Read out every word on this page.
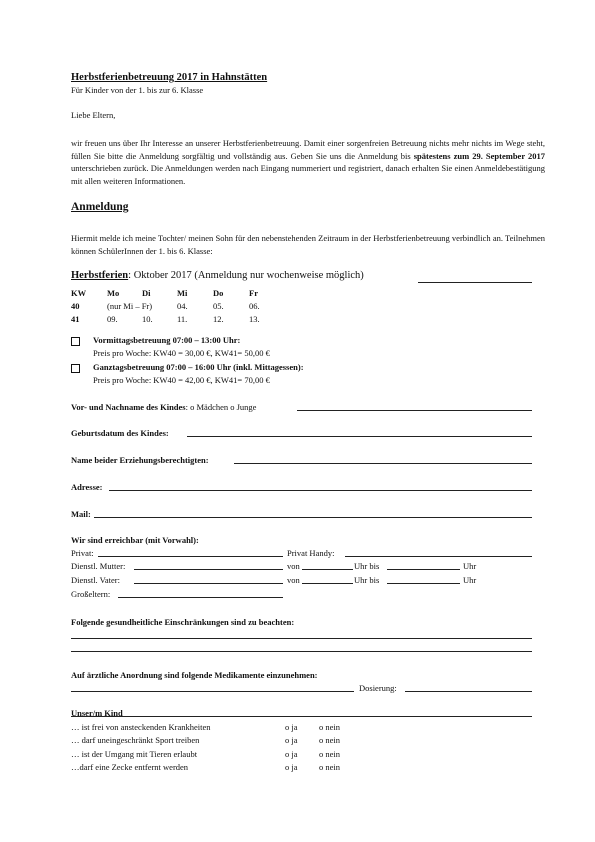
Herbstferienbetreuung 2017 in Hahnstätten
Für Kinder von der 1. bis zur 6. Klasse
Liebe Eltern,
wir freuen uns über Ihr Interesse an unserer Herbstferienbetreuung. Damit einer sorgenfreien Betreuung nichts mehr nichts im Wege steht, füllen Sie bitte die Anmeldung sorgfältig und vollständig aus. Geben Sie uns die Anmeldung bis spätestens zum 29. September 2017 unterschrieben zurück. Die Anmeldungen werden nach Eingang nummeriert und registriert, danach erhalten Sie einen Anmeldebestätigung mit allen weiteren Informationen.
Anmeldung
Hiermit melde ich meine Tochter/ meinen Sohn für den nebenstehenden Zeitraum in der Herbstferienbetreuung verbindlich an. Teilnehmen können SchülerInnen der 1. bis 6. Klasse:
Herbstferien: Oktober 2017 (Anmeldung nur wochenweise möglich)
KW Mo	Di	Mi	Do	Fr
40	(nur Mi – Fr)	04.	05.	06.
41	09.	10.	11.	12.	13.
Vormittagsbetreuung 07:00 – 13:00 Uhr:
Preis pro Woche: KW40 = 30,00 €, KW41= 50,00 €
Ganztagsbetreuung 07:00 – 16:00 Uhr (inkl. Mittagessen):
Preis pro Woche: KW40 = 42,00 €, KW41= 70,00 €
Vor- und Nachname des Kindes: o Mädchen o Junge
Geburtsdatum des Kindes:
Name beider Erziehungsberechtigten:
Adresse:
Mail:
Wir sind erreichbar (mit Vorwahl):
Privat:	Privat Handy:
Dienstl. Mutter:	von	Uhr bis	Uhr
Dienstl. Vater:	von	Uhr bis	Uhr
Großeltern:
Folgende gesundheitliche Einschränkungen sind zu beachten:
Auf ärztliche Anordnung sind folgende Medikamente einzunehmen:
Dosierung:
Unser/m Kind
… ist frei von ansteckenden Krankheiten	o ja	o nein
… darf uneingeschränkt Sport treiben	o ja	o nein
… ist der Umgang mit Tieren erlaubt	o ja	o nein
…darf eine Zecke entfernt werden	o ja	o nein
